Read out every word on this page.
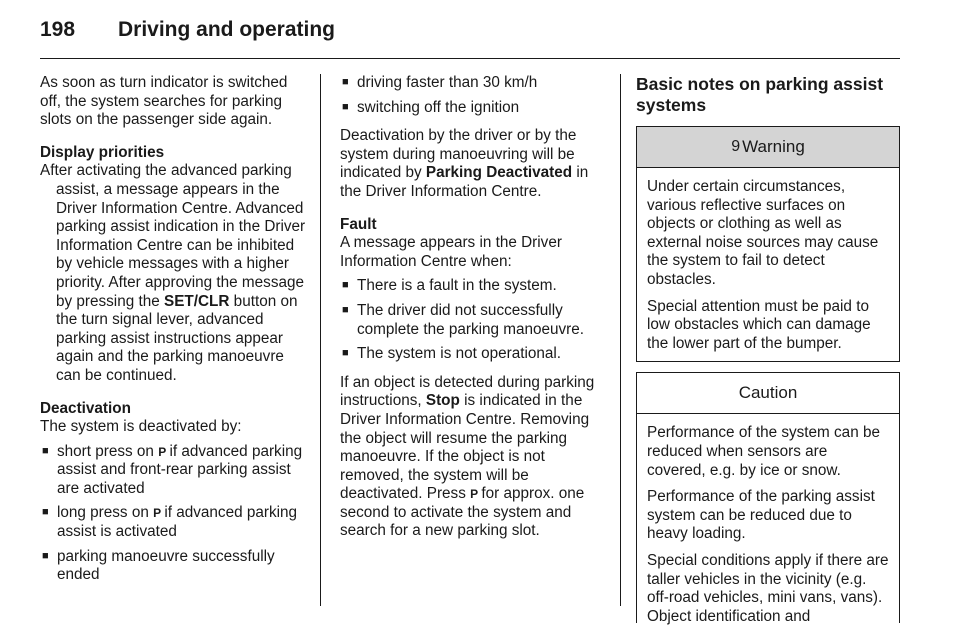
198	Driving and operating

As soon as turn indicator is switched off, the system searches for parking slots on the passenger side again.

Display priorities

After activating the advanced parking assist, a message appears in the Driver Information Centre. Advanced parking assist indication in the Driver Information Centre can be inhibited by vehicle messages with a higher priority. After approving the message by pressing the SET/CLR button on the turn signal lever, advanced parking assist instructions appear again and the parking manoeuvre can be continued.

Deactivation

The system is deactivated by:

■ short press on P if advanced parking assist and front-rear parking assist are activated
■ long press on P if advanced parking assist is activated
■ parking manoeuvre successfully ended
■ driving faster than 30 km/h
■ switching off the ignition

Deactivation by the driver or by the system during manoeuvring will be indicated by Parking Deactivated in the Driver Information Centre.

Fault

A message appears in the Driver Information Centre when:

■ There is a fault in the system.
■ The driver did not successfully complete the parking manoeuvre.
■ The system is not operational.

If an object is detected during parking instructions, Stop is indicated in the Driver Information Centre. Removing the object will resume the parking manoeuvre. If the object is not removed, the system will be deactivated. Press P for approx. one second to activate the system and search for a new parking slot.

Basic notes on parking assist systems

9 Warning

Under certain circumstances, various reflective surfaces on objects or clothing as well as external noise sources may cause the system to fail to detect obstacles.

Special attention must be paid to low obstacles which can damage the lower part of the bumper.

Caution

Performance of the system can be reduced when sensors are covered, e.g. by ice or snow.

Performance of the parking assist system can be reduced due to heavy loading.

Special conditions apply if there are taller vehicles in the vicinity (e.g. off-road vehicles, mini vans, vans). Object identification and
